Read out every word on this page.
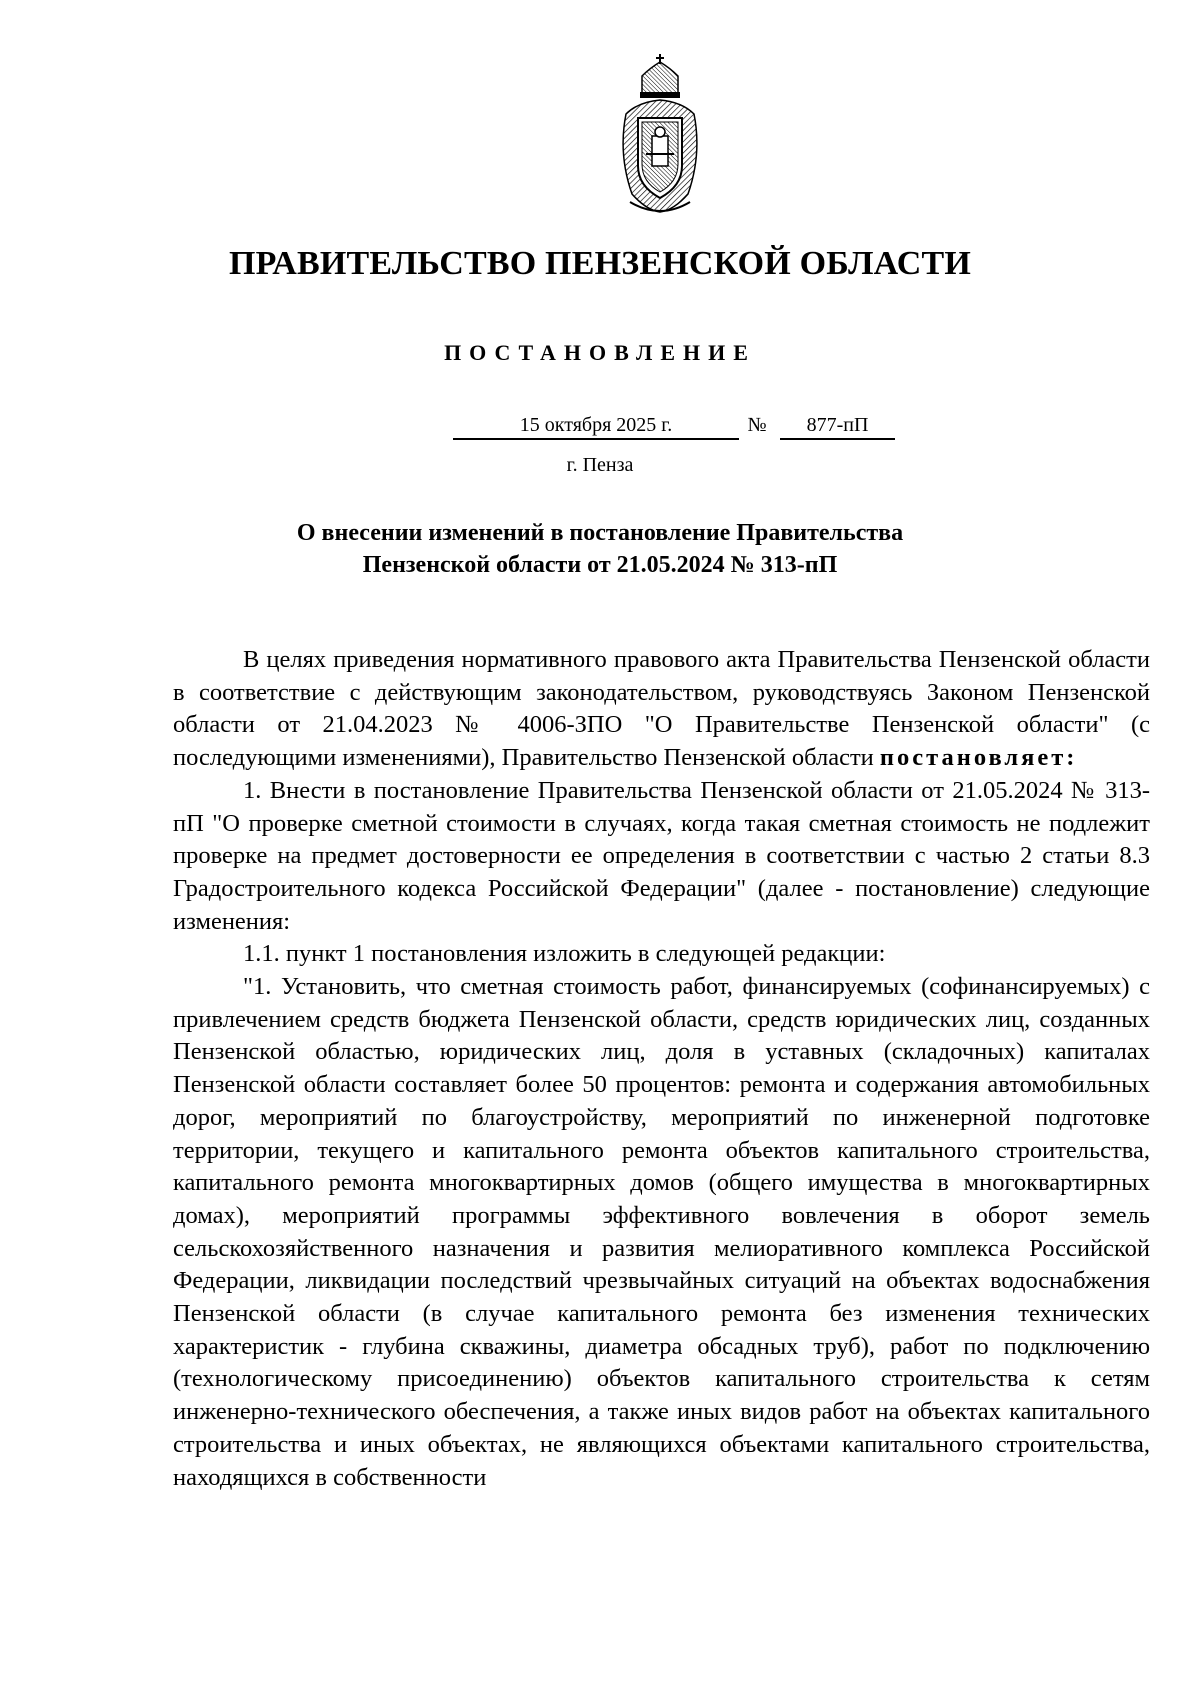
ПРАВИТЕЛЬСТВО ПЕНЗЕНСКОЙ ОБЛАСТИ
ПОСТАНОВЛЕНИЕ
15 октября 2025 г.	№	877-пП
г. Пенза
О внесении изменений в постановление Правительства
Пензенской области от 21.05.2024 № 313-пП

В целях приведения нормативного правового акта Правительства Пензенской области в соответствие с действующим законодательством, руководствуясь Законом Пензенской области от 21.04.2023 № 4006-ЗПО "О Правительстве Пензенской области" (с последующими изменениями), Правительство Пензенской области постановляет:

1. Внести в постановление Правительства Пензенской области от 21.05.2024 № 313-пП "О проверке сметной стоимости в случаях, когда такая сметная стоимость не подлежит проверке на предмет достоверности ее определения в соответствии с частью 2 статьи 8.3 Градостроительного кодекса Российской Федерации" (далее - постановление) следующие изменения:

1.1. пункт 1 постановления изложить в следующей редакции:

"1. Установить, что сметная стоимость работ, финансируемых (софинансируемых) с привлечением средств бюджета Пензенской области, средств юридических лиц, созданных Пензенской областью, юридических лиц, доля в уставных (складочных) капиталах Пензенской области составляет более 50 процентов: ремонта и содержания автомобильных дорог, мероприятий по благоустройству, мероприятий по инженерной подготовке территории, текущего и капитального ремонта объектов капитального строительства, капитального ремонта многоквартирных домов (общего имущества в многоквартирных домах), мероприятий программы эффективного вовлечения в оборот земель сельскохозяйственного назначения и развития мелиоративного комплекса Российской Федерации, ликвидации последствий чрезвычайных ситуаций на объектах водоснабжения Пензенской области (в случае капитального ремонта без изменения технических характеристик - глубина скважины, диаметра обсадных труб), работ по подключению (технологическому присоединению) объектов капитального строительства к сетям инженерно-технического обеспечения, а также иных видов работ на объектах капитального строительства и иных объектах, не являющихся объектами капитального строительства, находящихся в собственности
